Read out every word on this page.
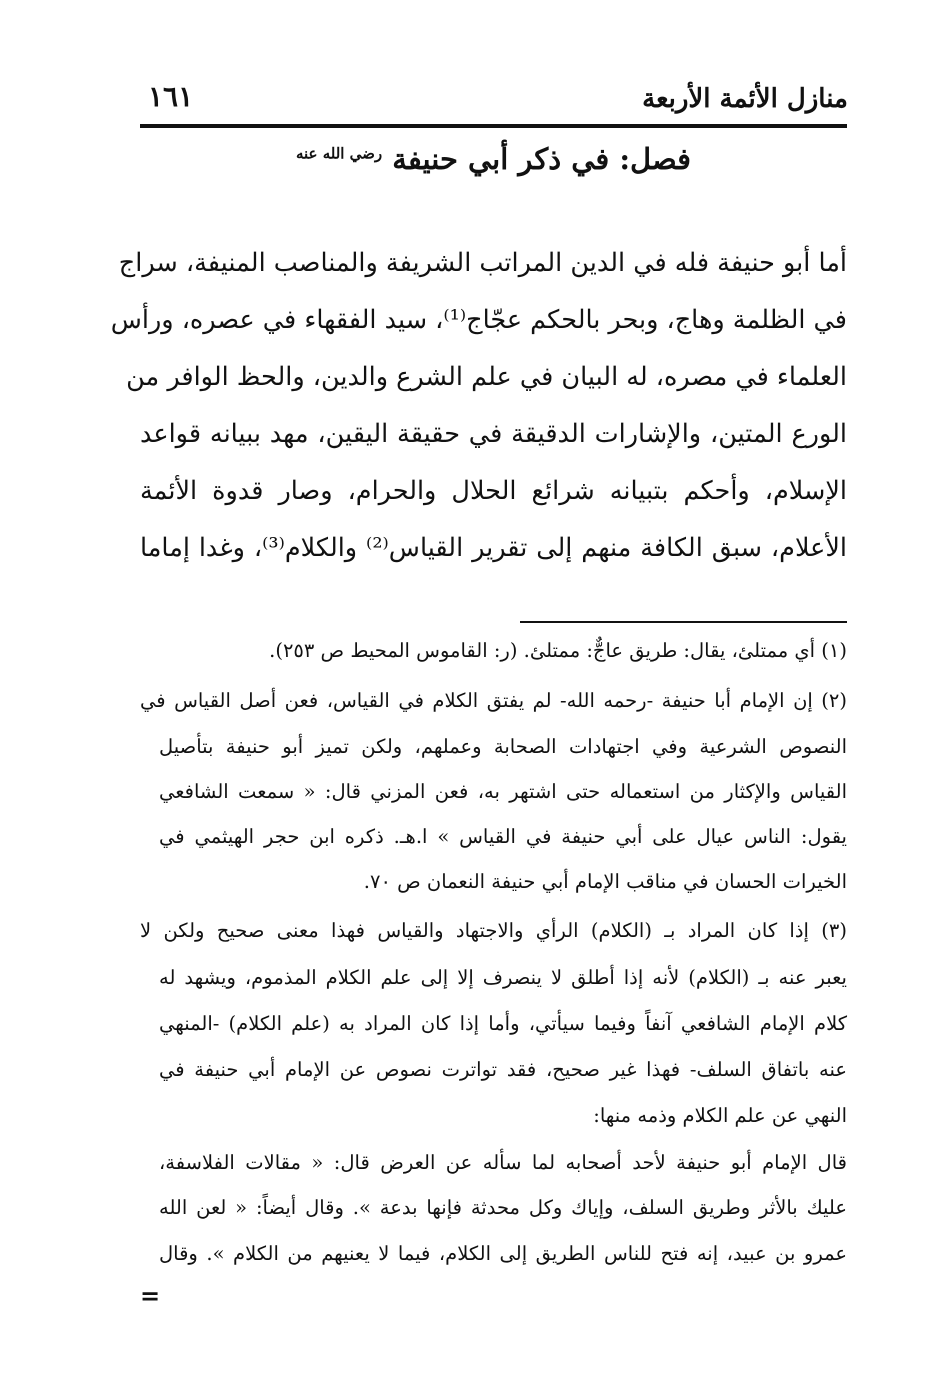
منازل الأئمة الأربعة
١٦١
فصل: في ذكر أبي حنيفة $^{رضي الله عنه}$
أما أبو حنيفة فله في الدين المراتب الشريفة والمناصب المنيفة، سراج
في الظلمة وهاج، وبحر بالحكم عجّاج⁽¹⁾، سيد الفقهاء في عصره، ورأس
العلماء في مصره، له البيان في علم الشرع والدين، والحظ الوافر من
الورع المتين، والإشارات الدقيقة في حقيقة اليقين، مهد ببيانه قواعد
الإسلام، وأحكم بتبيانه شرائع الحلال والحرام، وصار قدوة الأئمة
الأعلام، سبق الكافة منهم إلى تقرير القياس⁽²⁾ والكلام⁽³⁾، وغدا إماما
(١) أي ممتلئ، يقال: طريق عاجٌّ: ممتلئ. (ر: القاموس المحيط ص ٢٥٣).
(٢) إن الإمام أبا حنيفة -رحمه الله- لم يفتق الكلام في القياس، فعن أصل القياس في
النصوص الشرعية وفي اجتهادات الصحابة وعملهم، ولكن تميز أبو حنيفة بتأصيل
القياس والإكثار من استعماله حتى اشتهر به، فعن المزني قال: « سمعت الشافعي
يقول: الناس عيال على أبي حنيفة في القياس » ا.هـ. ذكره ابن حجر الهيثمي في
الخيرات الحسان في مناقب الإمام أبي حنيفة النعمان ص ٧٠.
(٣) إذا كان المراد بـ (الكلام) الرأي والاجتهاد والقياس فهذا معنى صحيح ولكن لا
يعبر عنه بـ (الكلام) لأنه إذا أطلق لا ينصرف إلا إلى علم الكلام المذموم، ويشهد له
كلام الإمام الشافعي آنفاً وفيما سيأتي، وأما إذا كان المراد به (علم الكلام) -المنهي
عنه باتفاق السلف- فهذا غير صحيح، فقد تواترت نصوص عن الإمام أبي حنيفة في
النهي عن علم الكلام وذمه منها:
قال الإمام أبو حنيفة لأحد أصحابه لما سأله عن العرض قال: « مقالات الفلاسفة،
عليك بالأثر وطريق السلف، وإياك وكل محدثة فإنها بدعة ». وقال أيضاً: « لعن الله
عمرو بن عبيد، إنه فتح للناس الطريق إلى الكلام، فيما لا يعنيهم من الكلام ». وقال
=
